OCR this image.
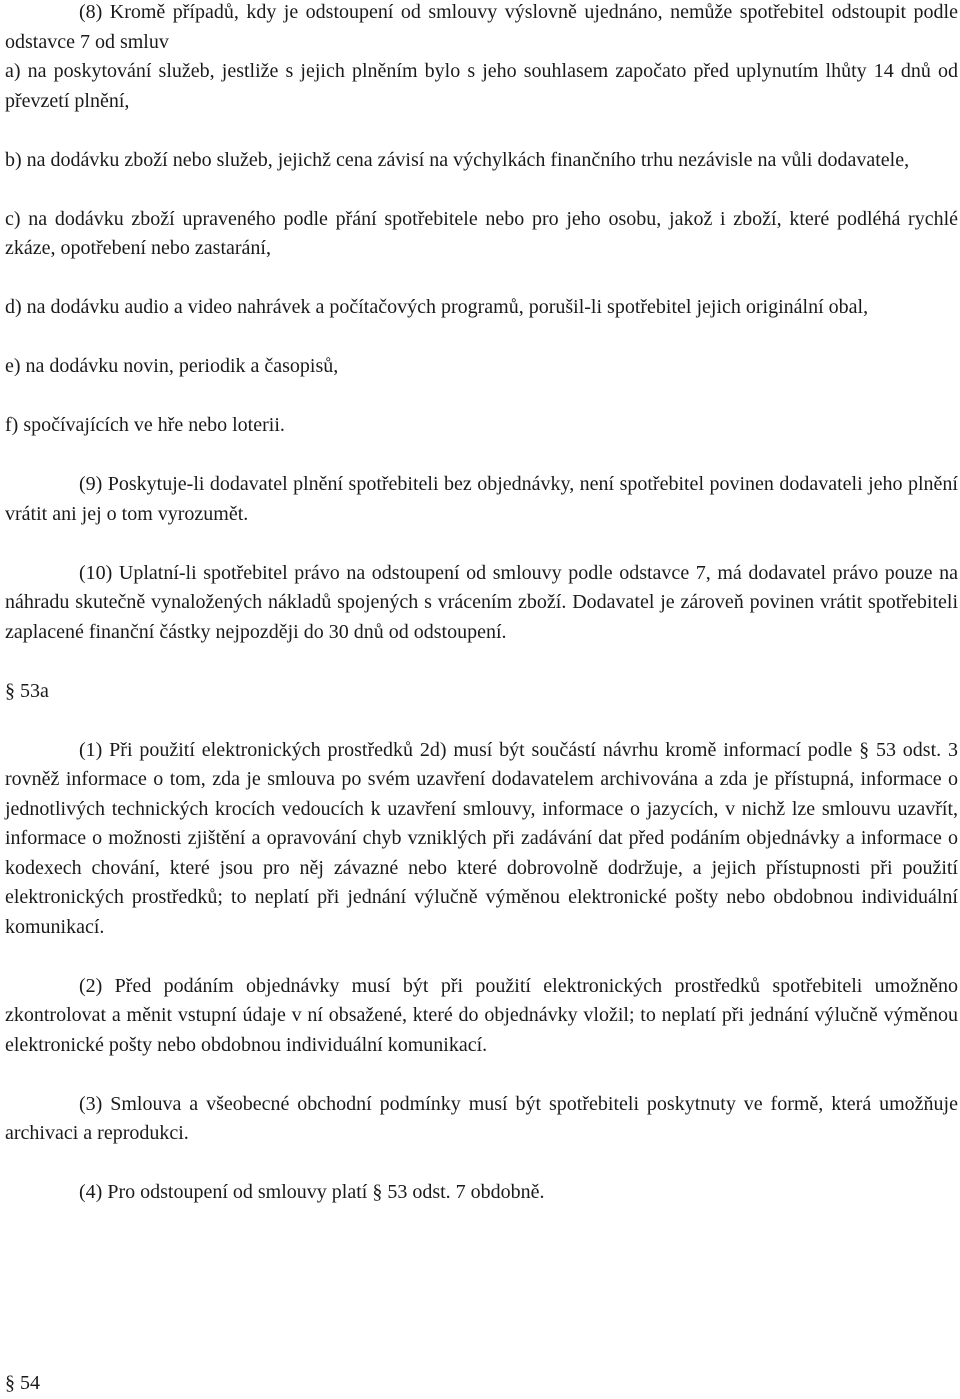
(8) Kromě případů, kdy je odstoupení od smlouvy výslovně ujednáno, nemůže spotřebitel odstoupit podle odstavce 7 od smluv

a) na poskytování služeb, jestliže s jejich plněním bylo s jeho souhlasem započato před uplynutím lhůty 14 dnů od převzetí plnění,

b) na dodávku zboží nebo služeb, jejichž cena závisí na výchylkách finančního trhu nezávisle na vůli dodavatele,

c) na dodávku zboží upraveného podle přání spotřebitele nebo pro jeho osobu, jakož i zboží, které podléhá rychlé zkáze, opotřebení nebo zastarání,

d) na dodávku audio a video nahrávek a počítačových programů, porušil-li spotřebitel jejich originální obal,

e) na dodávku novin, periodik a časopisů,

f) spočívajících ve hře nebo loterii.

(9) Poskytuje-li dodavatel plnění spotřebiteli bez objednávky, není spotřebitel povinen dodavateli jeho plnění vrátit ani jej o tom vyrozumět.

(10) Uplatní-li spotřebitel právo na odstoupení od smlouvy podle odstavce 7, má dodavatel právo pouze na náhradu skutečně vynaložených nákladů spojených s vrácením zboží. Dodavatel je zároveň povinen vrátit spotřebiteli zaplacené finanční částky nejpozději do 30 dnů od odstoupení.

§ 53a

(1) Při použití elektronických prostředků 2d) musí být součástí návrhu kromě informací podle § 53 odst. 3 rovněž informace o tom, zda je smlouva po svém uzavření dodavatelem archivována a zda je přístupná, informace o jednotlivých technických krocích vedoucích k uzavření smlouvy, informace o jazycích, v nichž lze smlouvu uzavřít, informace o možnosti zjištění a opravování chyb vzniklých při zadávání dat před podáním objednávky a informace o kodexech chování, které jsou pro něj závazné nebo které dobrovolně dodržuje, a jejich přístupnosti při použití elektronických prostředků; to neplatí při jednání výlučně výměnou elektronické pošty nebo obdobnou individuální komunikací.

(2) Před podáním objednávky musí být při použití elektronických prostředků spotřebiteli umožněno zkontrolovat a měnit vstupní údaje v ní obsažené, které do objednávky vložil; to neplatí při jednání výlučně výměnou elektronické pošty nebo obdobnou individuální komunikací.

(3) Smlouva a všeobecné obchodní podmínky musí být spotřebiteli poskytnuty ve formě, která umožňuje archivaci a reprodukci.

(4) Pro odstoupení od smlouvy platí § 53 odst. 7 obdobně.

§ 54
